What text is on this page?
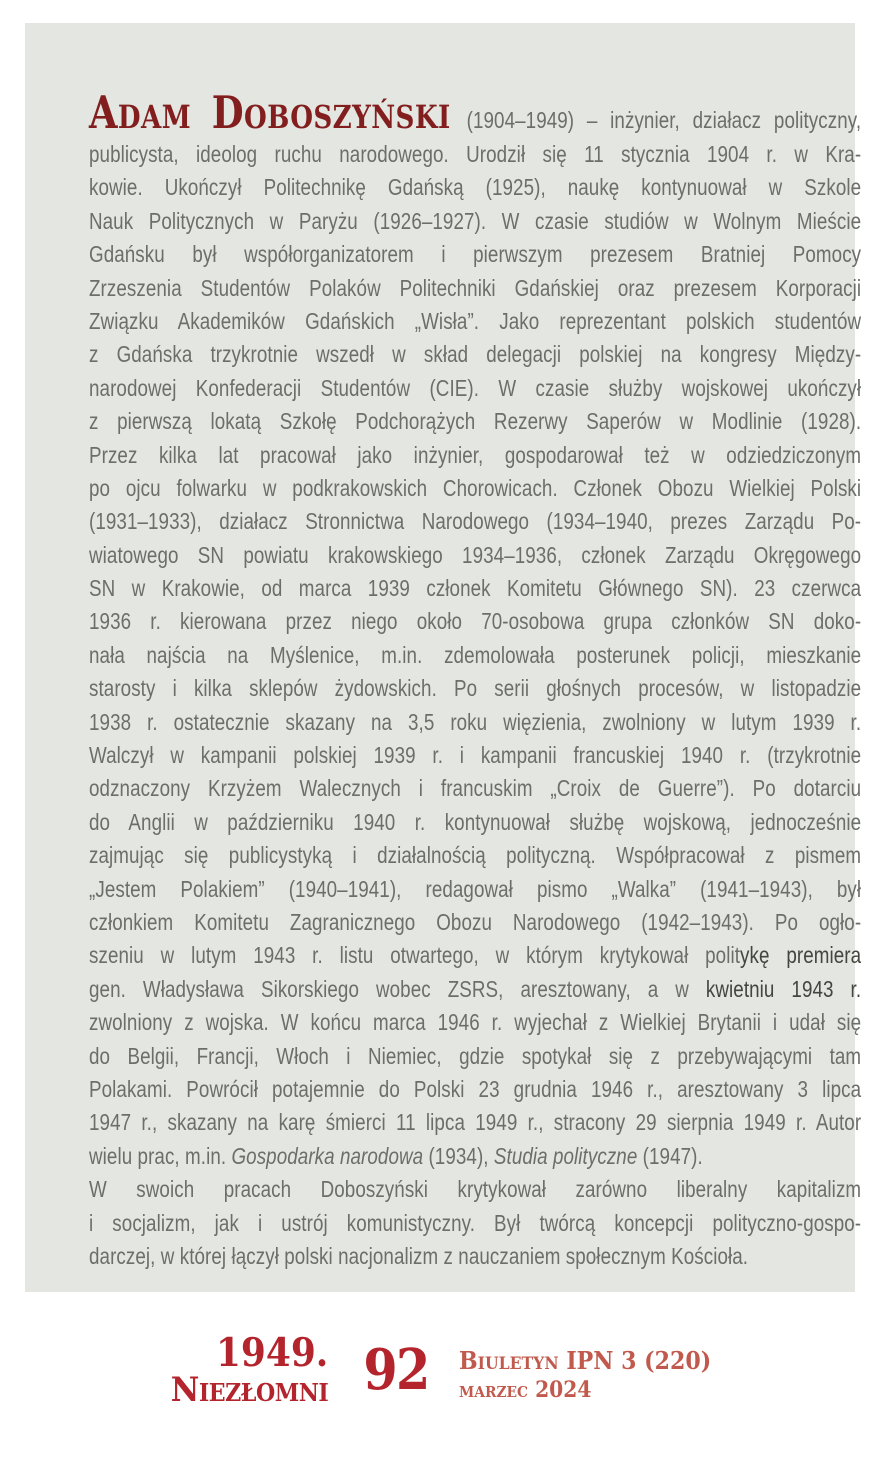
Adam Doboszyński (1904–1949) – inżynier, działacz polityczny,
publicysta, ideolog ruchu narodowego. Urodził się 11 stycznia 1904 r. w Kra-
kowie. Ukończył Politechnikę Gdańską (1925), naukę kontynuował w Szkole
Nauk Politycznych w Paryżu (1926–1927). W czasie studiów w Wolnym Mieście
Gdańsku był współorganizatorem i pierwszym prezesem Bratniej Pomocy
Zrzeszenia Studentów Polaków Politechniki Gdańskiej oraz prezesem Korporacji
Związku Akademików Gdańskich „Wisła”. Jako reprezentant polskich studentów
z Gdańska trzykrotnie wszedł w skład delegacji polskiej na kongresy Między-
narodowej Konfederacji Studentów (CIE). W czasie służby wojskowej ukończył
z pierwszą lokatą Szkołę Podchorążych Rezerwy Saperów w Modlinie (1928).
Przez kilka lat pracował jako inżynier, gospodarował też w odziedziczonym
po ojcu folwarku w podkrakowskich Chorowicach. Członek Obozu Wielkiej Polski
(1931–1933), działacz Stronnictwa Narodowego (1934–1940, prezes Zarządu Po-
wiatowego SN powiatu krakowskiego 1934–1936, członek Zarządu Okręgowego
SN w Krakowie, od marca 1939 członek Komitetu Głównego SN). 23 czerwca
1936 r. kierowana przez niego około 70-osobowa grupa członków SN doko-
nała najścia na Myślenice, m.in. zdemolowała posterunek policji, mieszkanie
starosty i kilka sklepów żydowskich. Po serii głośnych procesów, w listopadzie
1938 r. ostatecznie skazany na 3,5 roku więzienia, zwolniony w lutym 1939 r.
Walczył w kampanii polskiej 1939 r. i kampanii francuskiej 1940 r. (trzykrotnie
odznaczony Krzyżem Walecznych i francuskim „Croix de Guerre”). Po dotarciu
do Anglii w październiku 1940 r. kontynuował służbę wojskową, jednocześnie
zajmując się publicystyką i działalnością polityczną. Współpracował z pismem
„Jestem Polakiem” (1940–1941), redagował pismo „Walka” (1941–1943), był
członkiem Komitetu Zagranicznego Obozu Narodowego (1942–1943). Po ogło-
szeniu w lutym 1943 r. listu otwartego, w którym krytykował politykę premiera
gen. Władysława Sikorskiego wobec ZSRS, aresztowany, a w kwietniu 1943 r.
zwolniony z wojska. W końcu marca 1946 r. wyjechał z Wielkiej Brytanii i udał się
do Belgii, Francji, Włoch i Niemiec, gdzie spotykał się z przebywającymi tam
Polakami. Powrócił potajemnie do Polski 23 grudnia 1946 r., aresztowany 3 lipca
1947 r., skazany na karę śmierci 11 lipca 1949 r., stracony 29 sierpnia 1949 r. Autor
wielu prac, m.in. Gospodarka narodowa (1934), Studia polityczne (1947).
W swoich pracach Doboszyński krytykował zarówno liberalny kapitalizm
i socjalizm, jak i ustrój komunistyczny. Był twórcą koncepcji polityczno-gospo-
darczej, w której łączył polski nacjonalizm z nauczaniem społecznym Kościoła.
1949.
Niezłomni 92 Biuletyn IPN 3 (220)
marzec 2024
